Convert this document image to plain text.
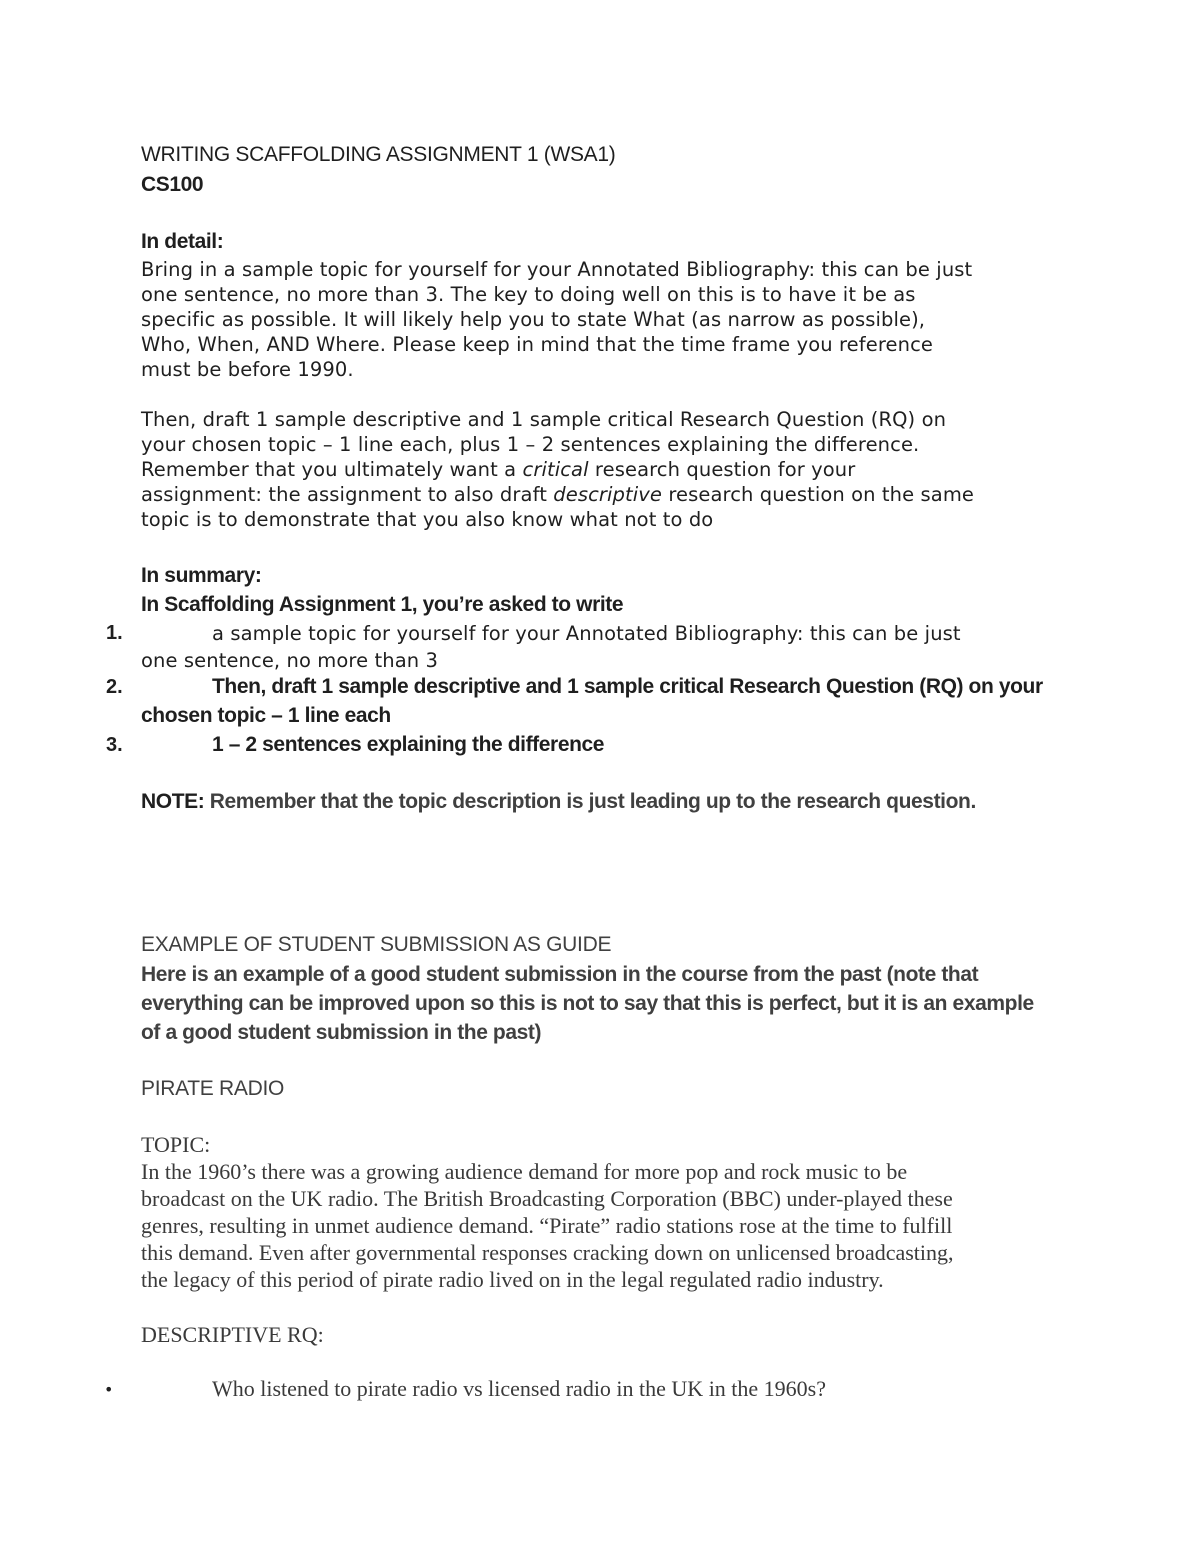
WRITING SCAFFOLDING ASSIGNMENT 1 (WSA1)
CS100
In detail:
Bring in a sample topic for yourself for your Annotated Bibliography: this can be just
one sentence, no more than 3. The key to doing well on this is to have it be as
specific as possible. It will likely help you to state What (as narrow as possible),
Who, When, AND Where. Please keep in mind that the time frame you reference
must be before 1990.
Then, draft 1 sample descriptive and 1 sample critical Research Question (RQ) on
your chosen topic – 1 line each, plus 1 – 2 sentences explaining the difference.
Remember that you ultimately want a critical research question for your
assignment: the assignment to also draft descriptive research question on the same
topic is to demonstrate that you also know what not to do
In summary:
In Scaffolding Assignment 1, you’re asked to write
1.	a sample topic for yourself for your Annotated Bibliography: this can be just
one sentence, no more than 3
2.	Then, draft 1 sample descriptive and 1 sample critical Research Question (RQ) on your
chosen topic – 1 line each
3.	1 – 2 sentences explaining the difference
NOTE: Remember that the topic description is just leading up to the research question.
EXAMPLE OF STUDENT SUBMISSION AS GUIDE
Here is an example of a good student submission in the course from the past (note that
everything can be improved upon so this is not to say that this is perfect, but it is an example
of a good student submission in the past)
PIRATE RADIO
TOPIC:
In the 1960’s there was a growing audience demand for more pop and rock music to be
broadcast on the UK radio. The British Broadcasting Corporation (BBC) under-played these
genres, resulting in unmet audience demand. “Pirate” radio stations rose at the time to fulfill
this demand. Even after governmental responses cracking down on unlicensed broadcasting,
the legacy of this period of pirate radio lived on in the legal regulated radio industry.
DESCRIPTIVE RQ:
•	Who listened to pirate radio vs licensed radio in the UK in the 1960s?
